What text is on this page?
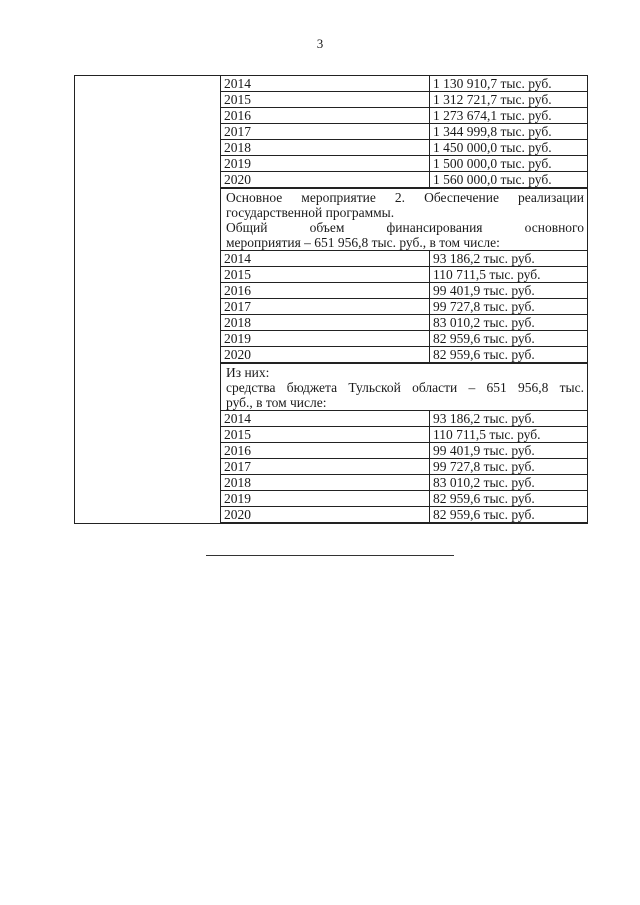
3

2014	1 130 910,7 тыс. руб.
2015	1 312 721,7 тыс. руб.
2016	1 273 674,1 тыс. руб.
2017	1 344 999,8 тыс. руб.
2018	1 450 000,0 тыс. руб.
2019	1 500 000,0 тыс. руб.
2020	1 560 000,0 тыс. руб.

Основное мероприятие 2. Обеспечение реализации

государственной программы.

Общий объем финансирования основного

мероприятия – 651 956,8 тыс. руб., в том числе:

2014	93 186,2 тыс. руб.
2015	110 711,5 тыс. руб.
2016	99 401,9 тыс. руб.
2017	99 727,8 тыс. руб.
2018	83 010,2 тыс. руб.
2019	82 959,6 тыс. руб.
2020	82 959,6 тыс. руб.

Из них:

средства бюджета Тульской области – 651 956,8 тыс.

руб., в том числе:

2014	93 186,2 тыс. руб.
2015	110 711,5 тыс. руб.
2016	99 401,9 тыс. руб.
2017	99 727,8 тыс. руб.
2018	83 010,2 тыс. руб.
2019	82 959,6 тыс. руб.
2020	82 959,6 тыс. руб.
